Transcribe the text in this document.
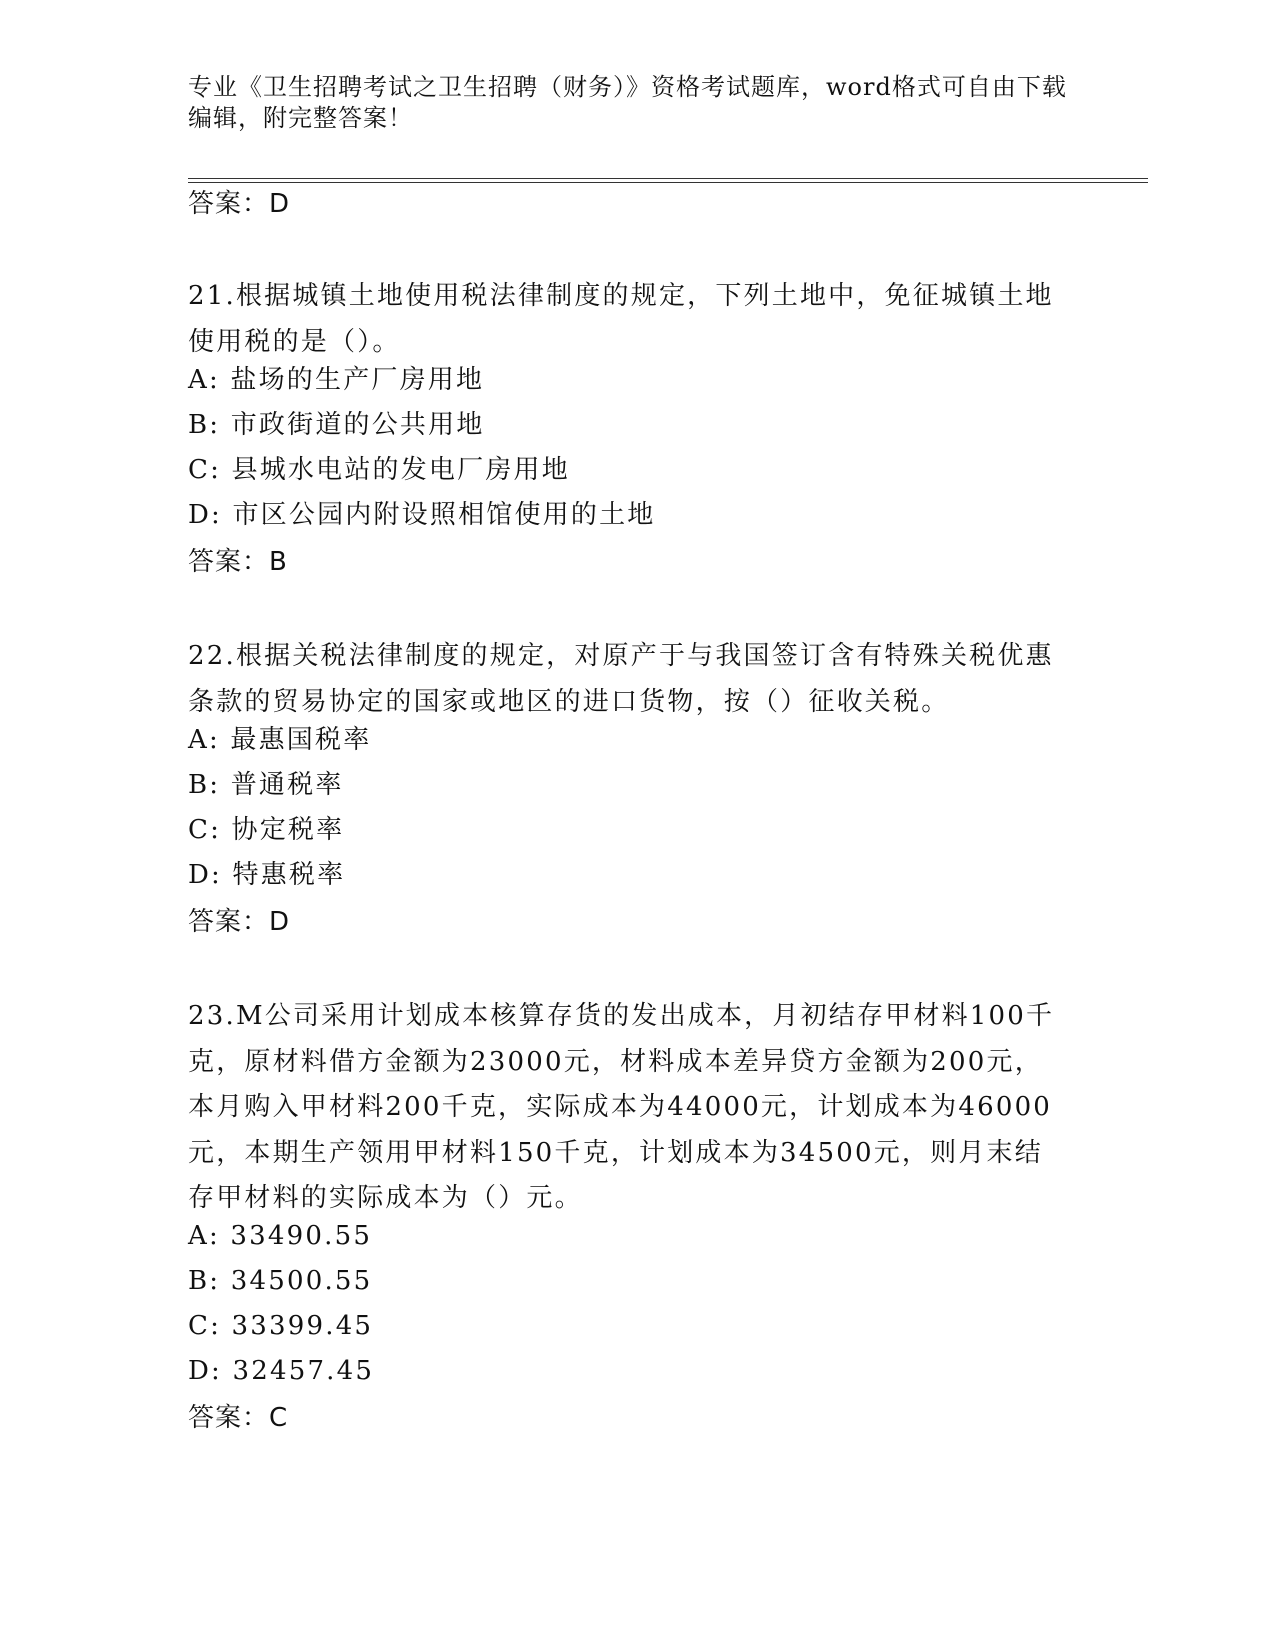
专业《卫生招聘考试之卫生招聘（财务）》资格考试题库，word格式可自由下载
编辑，附完整答案！
答案：D
21.根据城镇土地使用税法律制度的规定，下列土地中，免征城镇土地
使用税的是（）。
A: 盐场的生产厂房用地
B: 市政街道的公共用地
C: 县城水电站的发电厂房用地
D: 市区公园内附设照相馆使用的土地
答案：B
22.根据关税法律制度的规定，对原产于与我国签订含有特殊关税优惠
条款的贸易协定的国家或地区的进口货物，按（）征收关税。
A: 最惠国税率
B: 普通税率
C: 协定税率
D: 特惠税率
答案：D
23.M公司采用计划成本核算存货的发出成本，月初结存甲材料100千
克，原材料借方金额为23000元，材料成本差异贷方金额为200元，
本月购入甲材料200千克，实际成本为44000元，计划成本为46000
元，本期生产领用甲材料150千克，计划成本为34500元，则月末结
存甲材料的实际成本为（）元。
A: 33490.55
B: 34500.55
C: 33399.45
D: 32457.45
答案：C
